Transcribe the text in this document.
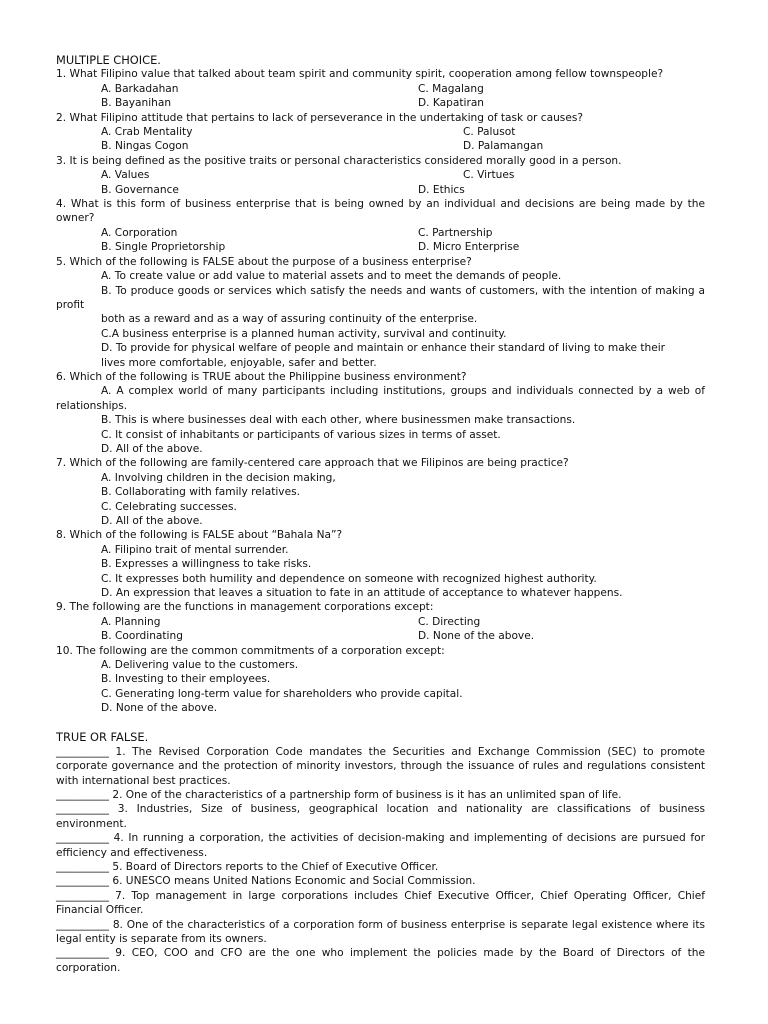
MULTIPLE CHOICE.

1. What Filipino value that talked about team spirit and community spirit, cooperation among fellow townspeople?

A. Barkadahan	C. Magalang
B. Bayanihan	D. Kapatiran

2. What Filipino attitude that pertains to lack of perseverance in the undertaking of task or causes?

A. Crab Mentality	C. Palusot
B. Ningas Cogon	D. Palamangan

3. It is being defined as the positive traits or personal characteristics considered morally good in a person.

A. Values	C. Virtues
B. Governance	D. Ethics

4. What is this form of business enterprise that is being owned by an individual and decisions are being made by the owner?

A. Corporation	C. Partnership
B. Single Proprietorship	D. Micro Enterprise

5. Which of the following is FALSE about the purpose of a business enterprise?

A. To create value or add value to material assets and to meet the demands of people.
B. To produce goods or services which satisfy the needs and wants of customers, with the intention of making a profit
both as a reward and as a way of assuring continuity of the enterprise.
C.A business enterprise is a planned human activity, survival and continuity.
D. To provide for physical welfare of people and maintain or enhance their standard of living to make their
lives more comfortable, enjoyable, safer and better.

6. Which of the following is TRUE about the Philippine business environment?

A. A complex world of many participants including institutions, groups and individuals connected by a web of relationships.
B. This is where businesses deal with each other, where businessmen make transactions.
C. It consist of inhabitants or participants of various sizes in terms of asset.
D. All of the above.

7. Which of the following are family-centered care approach that we Filipinos are being practice?

A. Involving children in the decision making,
B. Collaborating with family relatives.
C. Celebrating successes.
D. All of the above.

8. Which of the following is FALSE about “Bahala Na”?

A. Filipino trait of mental surrender.
B. Expresses a willingness to take risks.
C. It expresses both humility and dependence on someone with recognized highest authority.
D. An expression that leaves a situation to fate in an attitude of acceptance to whatever happens.

9. The following are the functions in management corporations except:

A. Planning	C. Directing
B. Coordinating	D. None of the above.

10. The following are the common commitments of a corporation except:

A. Delivering value to the customers.
B. Investing to their employees.
C. Generating long-term value for shareholders who provide capital.
D. None of the above.
TRUE OR FALSE.

__________ 1. The Revised Corporation Code mandates the Securities and Exchange Commission (SEC) to promote corporate governance and the protection of minority investors, through the issuance of rules and regulations consistent with international best practices.

__________ 2. One of the characteristics of a partnership form of business is it has an unlimited span of life.

__________ 3. Industries, Size of business, geographical location and nationality are classifications of business environment.

__________ 4. In running a corporation, the activities of decision-making and implementing of decisions are pursued for efficiency and effectiveness.

__________ 5. Board of Directors reports to the Chief of Executive Officer.

__________ 6. UNESCO means United Nations Economic and Social Commission.

__________ 7. Top management in large corporations includes Chief Executive Officer, Chief Operating Officer, Chief Financial Officer.

__________ 8. One of the characteristics of a corporation form of business enterprise is separate legal existence where its legal entity is separate from its owners.

__________ 9. CEO, COO and CFO are the one who implement the policies made by the Board of Directors of the corporation.
